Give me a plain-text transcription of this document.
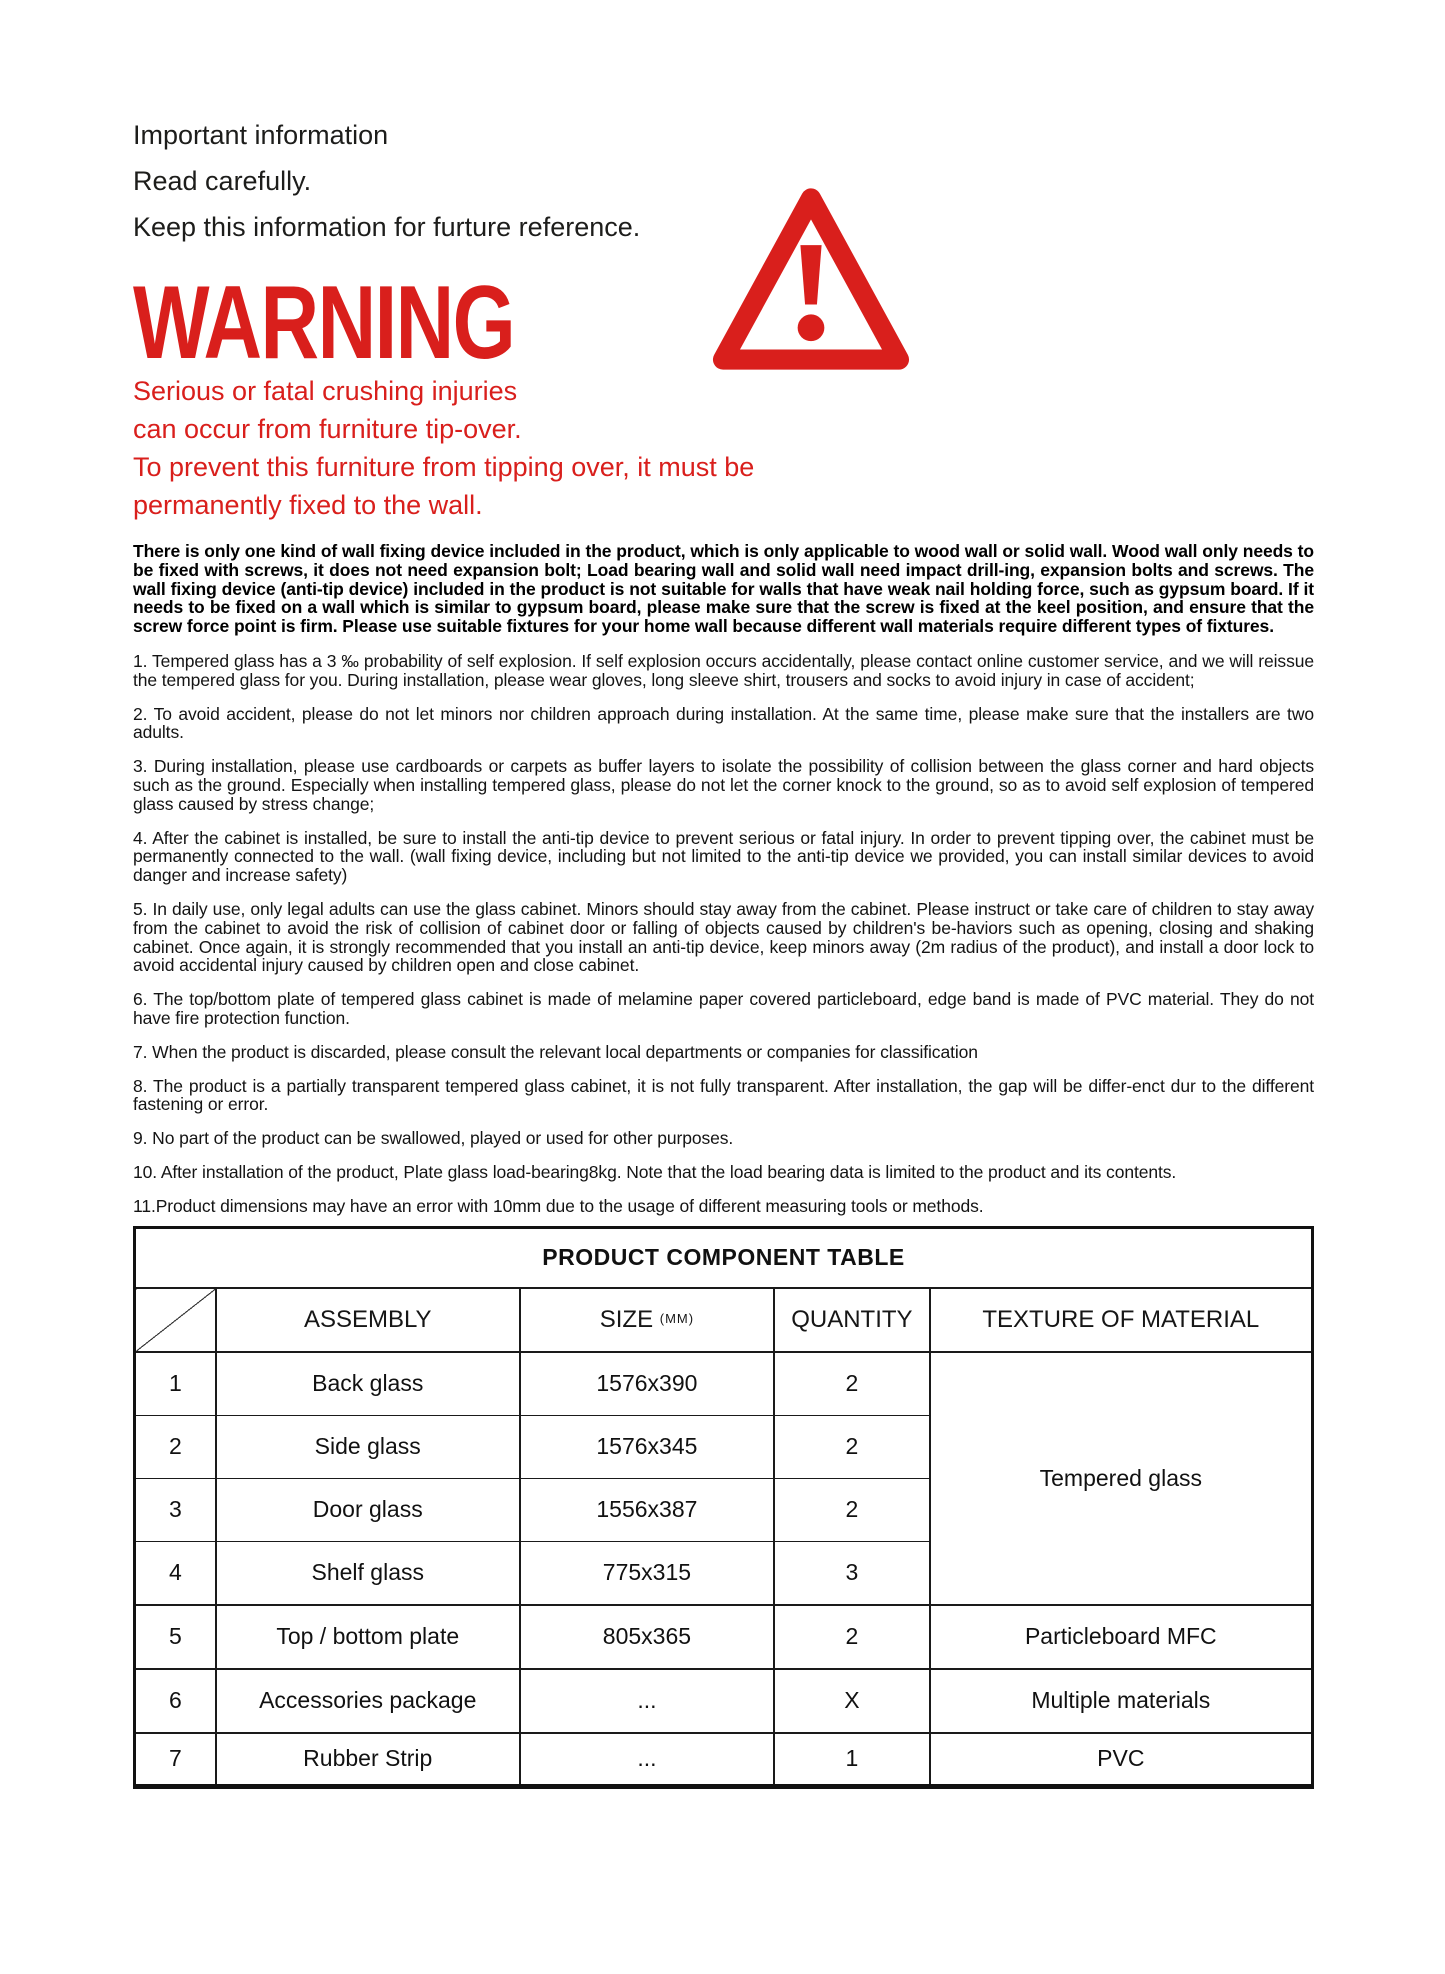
Important information
Read carefully.
Keep this information for furture reference.
WARNING
Serious or fatal crushing injuries
can occur from furniture tip-over.
To prevent this furniture from tipping over, it must be
permanently fixed to the wall.

There is only one kind of wall fixing device included in the product, which is only applicable to wood wall or solid wall. Wood wall only needs to be fixed with screws, it does not need expansion bolt; Load bearing wall and solid wall need impact drill-ing, expansion bolts and screws. The wall fixing device (anti-tip device) included in the product is not suitable for walls that have weak nail holding force, such as gypsum board. If it needs to be fixed on a wall which is similar to gypsum board, please make sure that the screw is fixed at the keel position, and ensure that the screw force point is firm. Please use suitable fixtures for your home wall because different wall materials require different types of fixtures.

1. Tempered glass has a 3 ‰ probability of self explosion. If self explosion occurs accidentally, please contact online customer service, and we will reissue the tempered glass for you. During installation, please wear gloves, long sleeve shirt, trousers and socks to avoid injury in case of accident;

2. To avoid accident, please do not let minors nor children approach during installation. At the same time, please make sure that the installers are two adults.

3. During installation, please use cardboards or carpets as buffer layers to isolate the possibility of collision between the glass corner and hard objects such as the ground. Especially when installing tempered glass, please do not let the corner knock to the ground, so as to avoid self explosion of tempered glass caused by stress change;

4. After the cabinet is installed, be sure to install the anti-tip device to prevent serious or fatal injury. In order to prevent tipping over, the cabinet must be permanently connected to the wall. (wall fixing device, including but not limited to the anti-tip device we provided, you can install similar devices to avoid danger and increase safety)

5. In daily use, only legal adults can use the glass cabinet. Minors should stay away from the cabinet. Please instruct or take care of children to stay away from the cabinet to avoid the risk of collision of cabinet door or falling of objects caused by children's be-haviors such as opening, closing and shaking cabinet. Once again, it is strongly recommended that you install an anti-tip device, keep minors away (2m radius of the product), and install a door lock to avoid accidental injury caused by children open and close cabinet.

6. The top/bottom plate of tempered glass cabinet is made of melamine paper covered particleboard, edge band is made of PVC material. They do not have fire protection function.

7. When the product is discarded, please consult the relevant local departments or companies for classification

8. The product is a partially transparent tempered glass cabinet, it is not fully transparent. After installation, the gap will be differ-enct dur to the different fastening or error.

9. No part of the product can be swallowed, played or used for other purposes.

10. After installation of the product, Plate glass load-bearing8kg. Note that the load bearing data is limited to the product and its contents.

11.Product dimensions may have an error with 10mm due to the usage of different measuring tools or methods.

PRODUCT COMPONENT TABLE				
	ASSEMBLY	SIZE (MM)	QUANTITY	TEXTURE OF MATERIAL
1	Back glass	1576x390	2	Tempered glass
2	Side glass	1576x345	2	
3	Door glass	1556x387	2	
4	Shelf glass	775x315	3	
5	Top / bottom plate	805x365	2	Particleboard MFC
6	Accessories package	...	X	Multiple materials
7	Rubber Strip	...	1	PVC
